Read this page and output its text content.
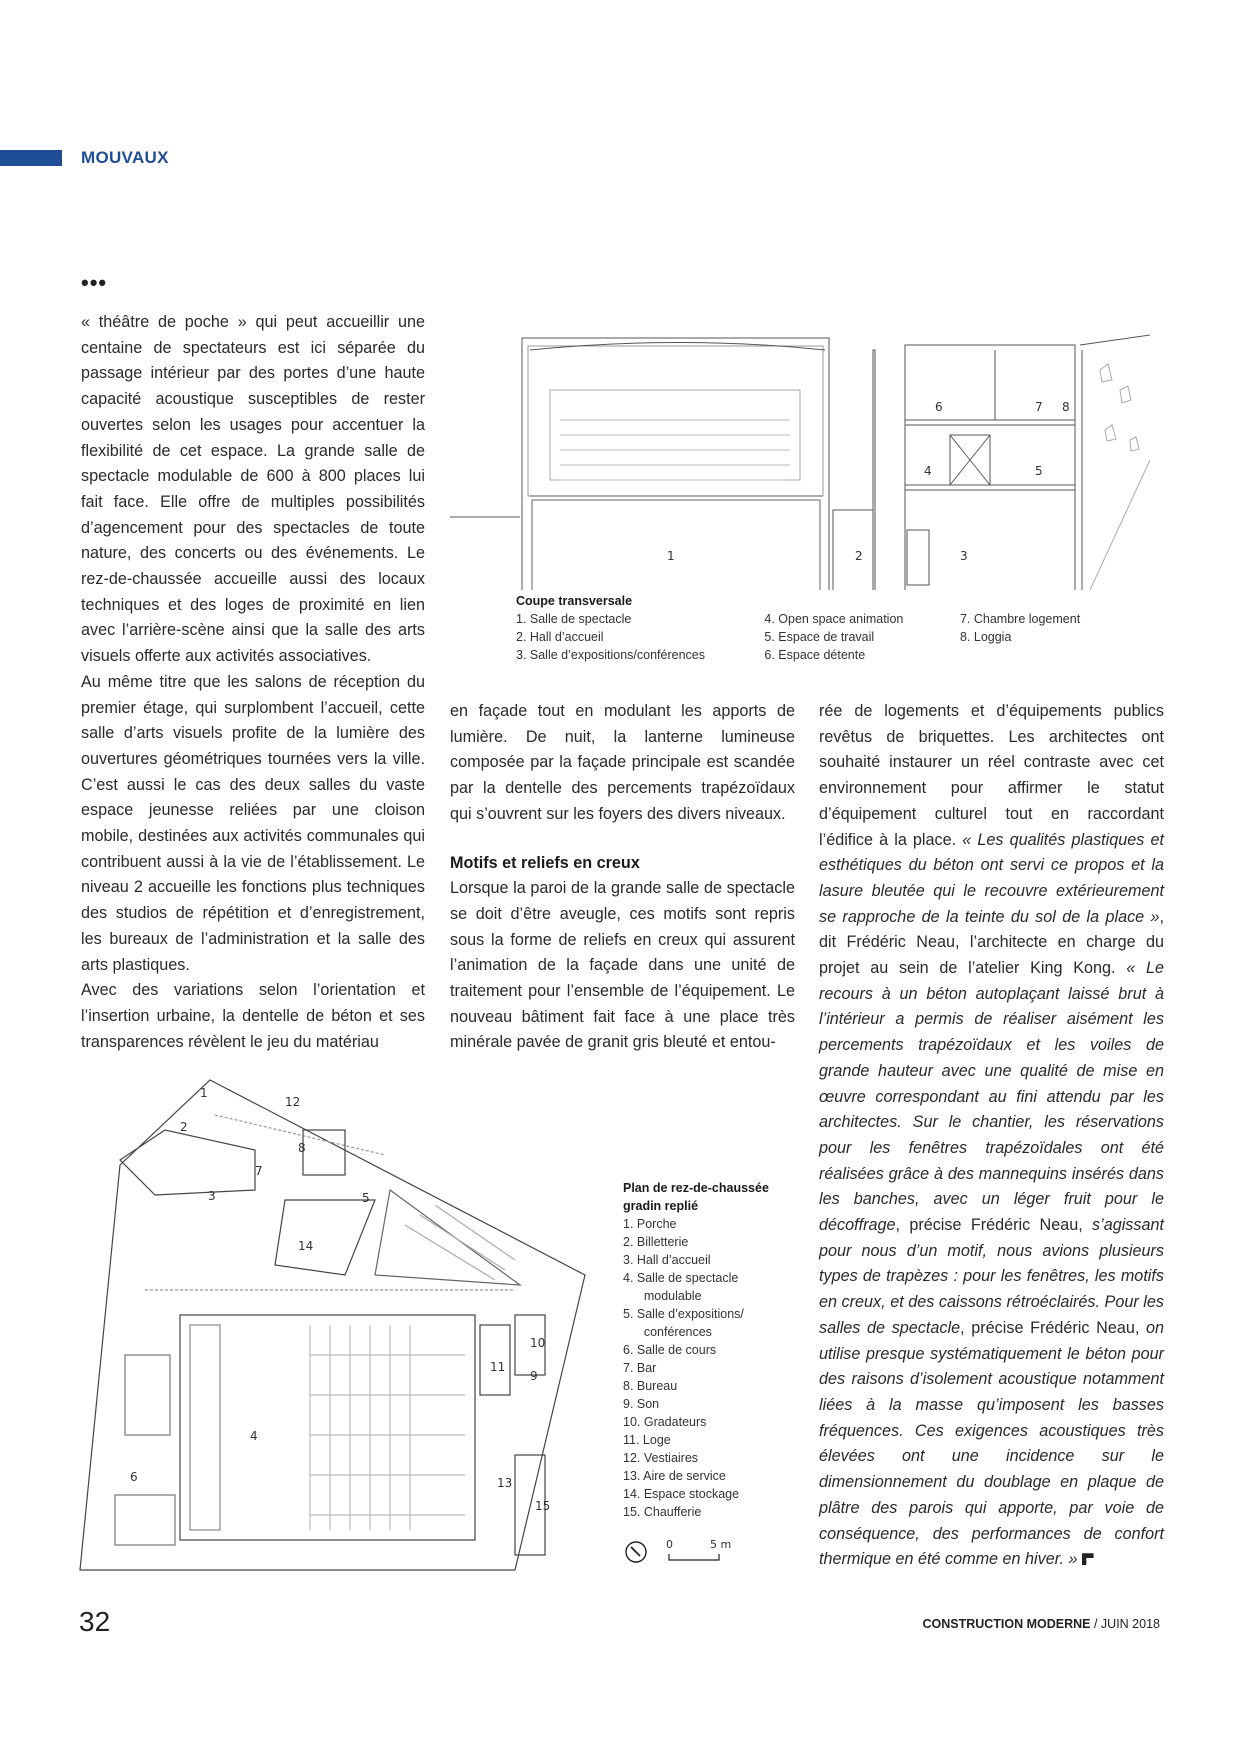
MOUVAUX
•••

« théâtre de poche » qui peut accueillir une centaine de spectateurs est ici séparée du passage intérieur par des portes d’une haute capacité acoustique susceptibles de rester ouvertes selon les usages pour accentuer la flexibilité de cet espace. La grande salle de spectacle modulable de 600 à 800 places lui fait face. Elle offre de multiples possibilités d’agencement pour des spectacles de toute nature, des concerts ou des événements. Le rez-de-chaussée accueille aussi des locaux techniques et des loges de proximité en lien avec l’arrière-scène ainsi que la salle des arts visuels offerte aux activités associatives.

Au même titre que les salons de réception du premier étage, qui surplombent l’accueil, cette salle d’arts visuels profite de la lumière des ouvertures géométriques tournées vers la ville. C’est aussi le cas des deux salles du vaste espace jeunesse reliées par une cloison mobile, destinées aux activités communales qui contribuent aussi à la vie de l’établissement. Le niveau 2 accueille les fonctions plus techniques des studios de répétition et d’enregistrement, les bureaux de l’administration et la salle des arts plastiques.

Avec des variations selon l’orientation et l’insertion urbaine, la dentelle de béton et ses transparences révèlent le jeu du matériau

1	2	3
4	5
6	7 8
Coupe transversale
1. Salle de spectacle
2. Hall d’accueil
3. Salle d’expositions/conférences
4. Open space animation
5. Espace de travail
6. Espace détente
7. Chambre logement
8. Loggia

en façade tout en modulant les apports de lumière. De nuit, la lanterne lumineuse composée par la façade principale est scandée par la dentelle des percements trapézoïdaux qui s’ouvrent sur les foyers des divers niveaux.

Motifs et reliefs en creux

Lorsque la paroi de la grande salle de spectacle se doit d’être aveugle, ces motifs sont repris sous la forme de reliefs en creux qui assurent l’animation de la façade dans une unité de traitement pour l’ensemble de l’équipement. Le nouveau bâtiment fait face à une place très minérale pavée de granit gris bleuté et entou-

rée de logements et d’équipements publics revêtus de briquettes. Les architectes ont souhaité instaurer un réel contraste avec cet environnement pour affirmer le statut d’équipement culturel tout en raccordant l’édifice à la place. « Les qualités plastiques et esthétiques du béton ont servi ce propos et la lasure bleutée qui le recouvre extérieurement se rapproche de la teinte du sol de la place », dit Frédéric Neau, l’architecte en charge du projet au sein de l’atelier King Kong. « Le recours à un béton autoplaçant laissé brut à l’intérieur a permis de réaliser aisément les percements trapézoïdaux et les voiles de grande hauteur avec une qualité de mise en œuvre correspondant au fini attendu par les architectes. Sur le chantier, les réservations pour les fenêtres trapézoïdales ont été réalisées grâce à des mannequins insérés dans les banches, avec un léger fruit pour le décoffrage, précise Frédéric Neau, s’agissant pour nous d’un motif, nous avions plusieurs types de trapèzes : pour les fenêtres, les motifs en creux, et des caissons rétroéclairés. Pour les salles de spectacle, précise Frédéric Neau, on utilise presque systématiquement le béton pour des raisons d’isolement acoustique notamment liées à la masse qu’imposent les basses fréquences. Ces exigences acoustiques très élevées ont une incidence sur le dimensionnement du doublage en plaque de plâtre des parois qui apporte, par voie de conséquence, des performances de confort thermique en été comme en hiver. »

1
2
3
4
5
6
7
8
9
10
11
12
13
14
15
Plan de rez-de-chaussée
gradin replié
1. Porche
2. Billetterie
3. Hall d’accueil
4. Salle de spectacle
modulable
5. Salle d’expositions/
conférences
6. Salle de cours
7. Bar
8. Bureau
9. Son
10. Gradateurs
11. Loge
12. Vestiaires
13. Aire de service
14. Espace stockage
15. Chaufferie
0	5 m
32	CONSTRUCTION MODERNE / JUIN 2018
